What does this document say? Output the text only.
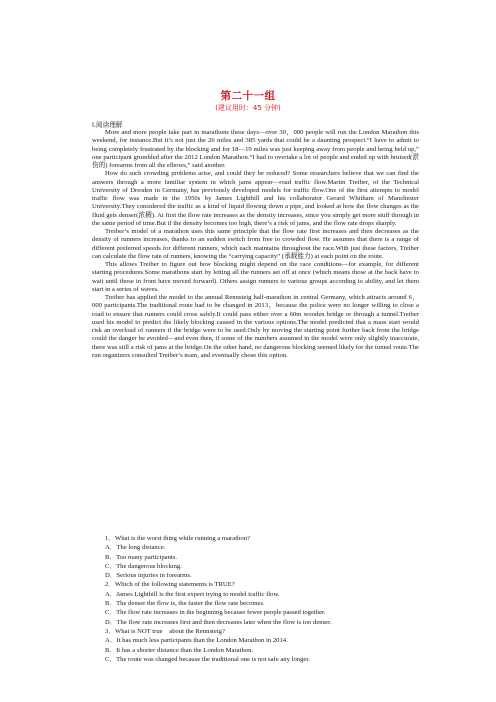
第二十一组
(建议用时：45 分钟)
Ⅰ.阅读理解

More and more people take part in marathons these days—over 30，000 people will run the London Marathon this weekend, for instance.But it’s not just the 26 miles and 385 yards that could be a daunting prospect.“I have to admit to being completely frustrated by the blocking and for 18—19 miles was just keeping away from people and being held up,” one participant grumbled after the 2012 London Marathon.“I had to overtake a lot of people and ended up with bruised(淤伤的) forearms from all the elbows,” said another.

How do such crowding problems arise, and could they be reduced? Some researchers believe that we can find the answers through a more familiar system in which jams appear—road traffic flow.Martin Treiber, of the Technical University of Dresden in Germany, has previously developed models for traffic flow.One of the first attempts to model traffic flow was made in the 1950s by James Lighthill and his collaborator Gerard Whitham of Manchester University.They considered the traffic as a kind of liquid flowing down a pipe, and looked at how the flow changes as the fluid gets denser(浓稠). At first the flow rate increases as the density increases, since you simply get more stuff through in the same period of time.But if the density becomes too high, there’s a risk of jams, and the flow rate drops sharply.

Treiber’s model of a marathon uses this same principle that the flow rate first increases and then decreases as the density of runners increases, thanks to an sudden switch from free to crowded flow. He assumes that there is a range of different preferred speeds for different runners, which each maintains throughout the race.With just these factors, Treiber can calculate the flow rate of runners, knowing the “carrying capacity” (承载能力) at each point on the route.

This allows Treiber to figure out how blocking might depend on the race conditions—for example, for different starting procedures.Some marathons start by letting all the runners set off at once (which means those at the back have to wait until those in front have moved forward). Others assign runners to various groups according to ability, and let them start in a series of waves.

Treiber has applied the model to the annual Rennsteig half-marathon in central Germany, which attracts around 6，000 participants.The traditional route had to be changed in 2013，because the police were no longer willing to close a road to ensure that runners could cross safely.It could pass either over a 60m wooden bridge or through a tunnel.Treiber used his model to predict the likely blocking caused in the various options.The model predicted that a mass start would risk an overload of runners if the bridge were to be used.Only by moving the starting point further back from the bridge could the danger be avoided—and even then, if some of the numbers assumed in the model were only slightly inaccurate, there was still a risk of jams at the bridge.On the other hand, no dangerous blocking seemed likely for the tunnel route.The run organizers consulted Treiber’s team, and eventually chose this option.

1．What is the worst thing while running a marathon?
A．The long distance.
B．Too many participants.
C．The dangerous blocking.
D．Serious injuries in forearms.
2．Which of the following statements is TRUE?
A．James Lighthill is the first expert trying to model traffic flow.
B．The denser the flow is, the faster the flow rate becomes.
C．The flow rate increases in the beginning because fewer people passed together.
D．The flow rate increases first and then decreases later when the flow is too denser.
3．What is NOT true　about the Rennsteig?
A．It has much less participants than the London Marathon in 2014.
B．It has a shorter distance than the London Marathon.
C．The route was changed because the traditional one is not safe any longer.
